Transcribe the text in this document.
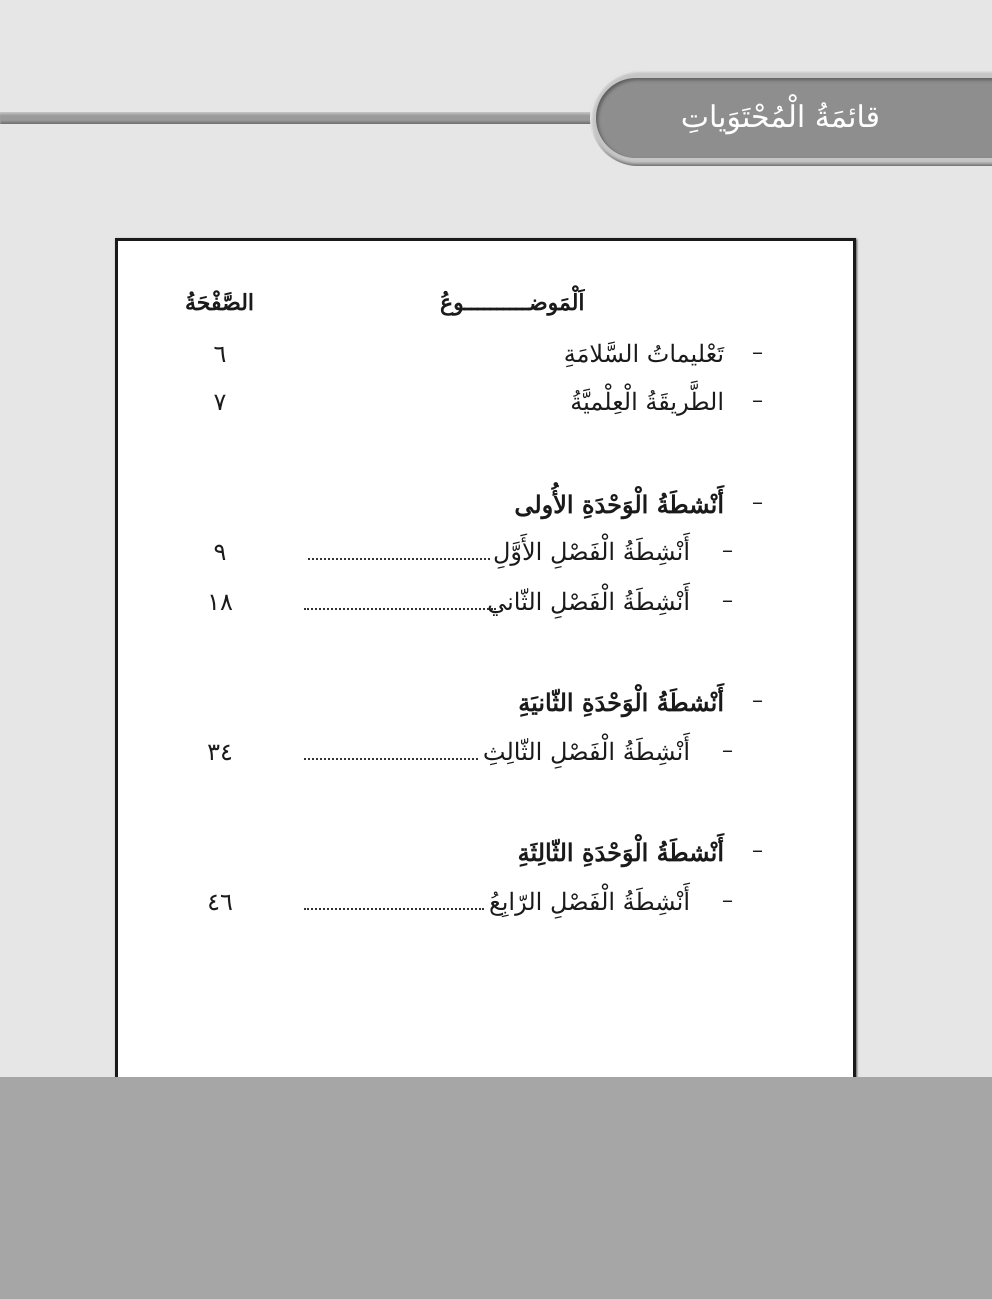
قائمَةُ الْمُحْتَوَياتِ
اَلْمَوضــــــــــوعُ
الصَّفْحَةُ
–
تَعْليماتُ السَّلامَةِ
٦
–
الطَّريقَةُ الْعِلْميَّةُ
٧
–
أَنْشطَةُ الْوَحْدَةِ الأُولى
–
أَنْشِطَةُ الْفَصْلِ الأَوَّلِ
٩
–
أَنْشِطَةُ الْفَصْلِ الثّاني
١٨
–
أَنْشطَةُ الْوَحْدَةِ الثّانيَةِ
–
أَنْشِطَةُ الْفَصْلِ الثّالِثِ
٣٤
–
أَنْشطَةُ الْوَحْدَةِ الثّالِثَةِ
–
أَنْشِطَةُ الْفَصْلِ الرّابِعُ
٤٦
